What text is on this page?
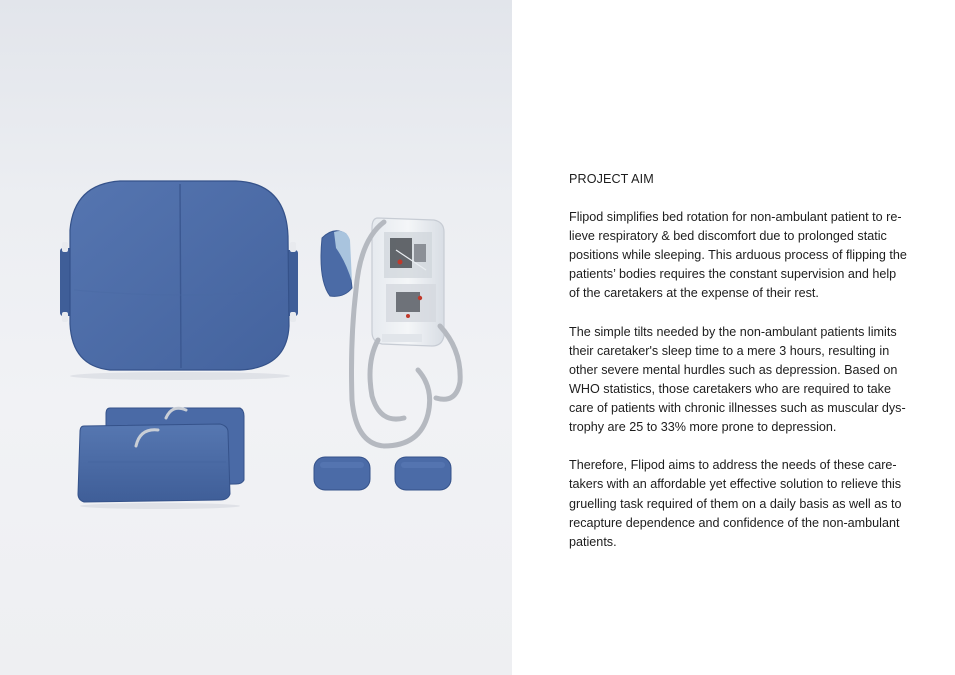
PROJECT AIM

Flipod simplifies bed rotation for non-ambulant patient to re-lieve respiratory & bed discomfort due to prolonged static positions while sleeping. This arduous process of flipping the patients’ bodies requires the constant supervision and help of the caretakers at the expense of their rest.

The simple tilts needed by the non-ambulant patients limits their caretaker's sleep time to a mere 3 hours, resulting in other severe mental hurdles such as depression. Based on WHO statistics, those caretakers who are required to take care of patients with chronic illnesses such as muscular dys-trophy are 25 to 33% more prone to depression.

Therefore, Flipod aims to address the needs of these care-takers with an affordable yet effective solution to relieve this gruelling task required of them on a daily basis as well as to recapture dependence and confidence of the non-ambulant patients.
